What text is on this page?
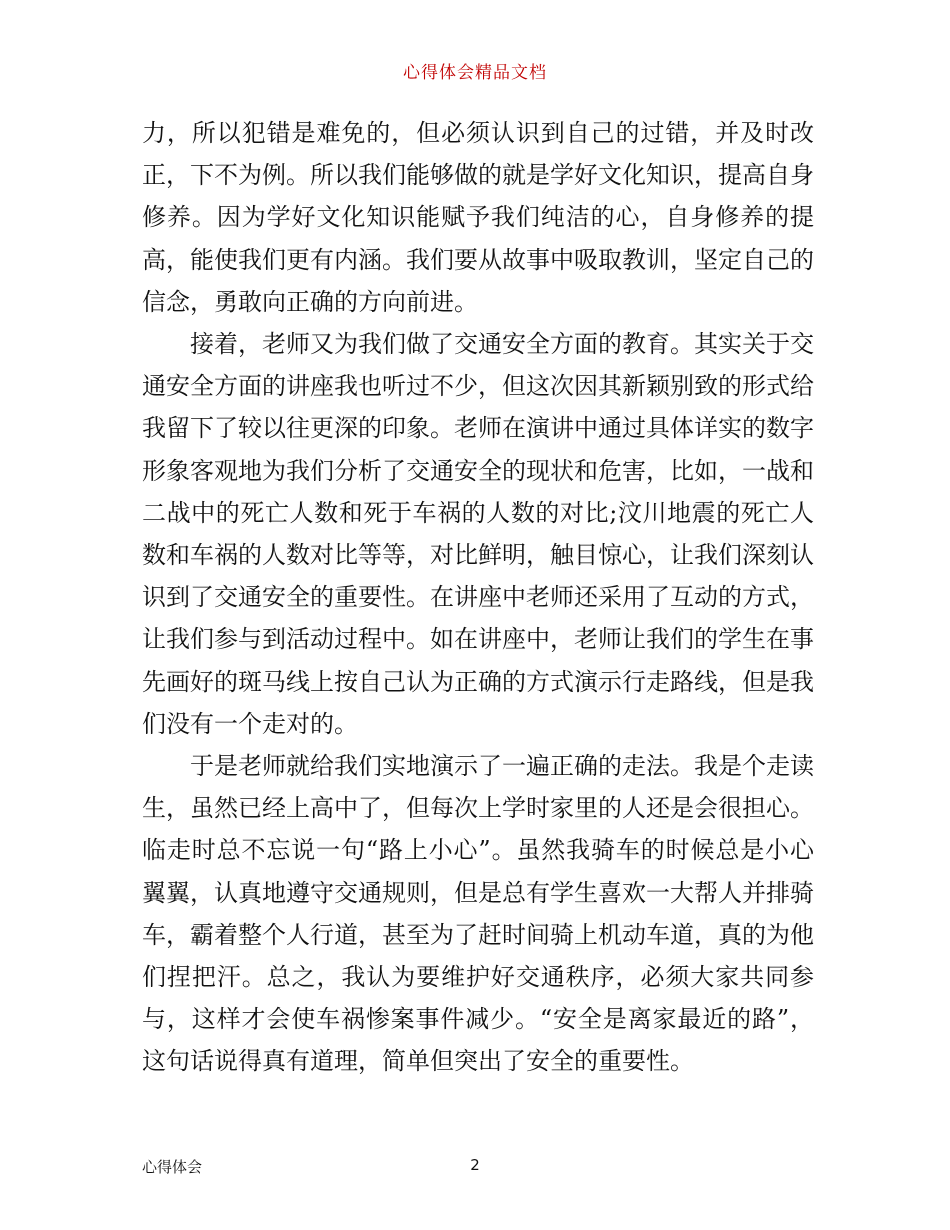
心得体会精品文档

力，所以犯错是难免的，但必须认识到自己的过错，并及时改正，下不为例。所以我们能够做的就是学好文化知识，提高自身修养。因为学好文化知识能赋予我们纯洁的心，自身修养的提高，能使我们更有内涵。我们要从故事中吸取教训，坚定自己的信念，勇敢向正确的方向前进。

接着，老师又为我们做了交通安全方面的教育。其实关于交通安全方面的讲座我也听过不少，但这次因其新颖别致的形式给我留下了较以往更深的印象。老师在演讲中通过具体详实的数字形象客观地为我们分析了交通安全的现状和危害，比如，一战和二战中的死亡人数和死于车祸的人数的对比;汶川地震的死亡人数和车祸的人数对比等等，对比鲜明，触目惊心，让我们深刻认识到了交通安全的重要性。在讲座中老师还采用了互动的方式，让我们参与到活动过程中。如在讲座中，老师让我们的学生在事先画好的斑马线上按自己认为正确的方式演示行走路线，但是我们没有一个走对的。

于是老师就给我们实地演示了一遍正确的走法。我是个走读生，虽然已经上高中了，但每次上学时家里的人还是会很担心。临走时总不忘说一句“路上小心”。虽然我骑车的时候总是小心翼翼，认真地遵守交通规则，但是总有学生喜欢一大帮人并排骑车，霸着整个人行道，甚至为了赶时间骑上机动车道，真的为他们捏把汗。总之，我认为要维护好交通秩序，必须大家共同参与，这样才会使车祸惨案事件减少。“安全是离家最近的路”，这句话说得真有道理，简单但突出了安全的重要性。

心得体会	2
